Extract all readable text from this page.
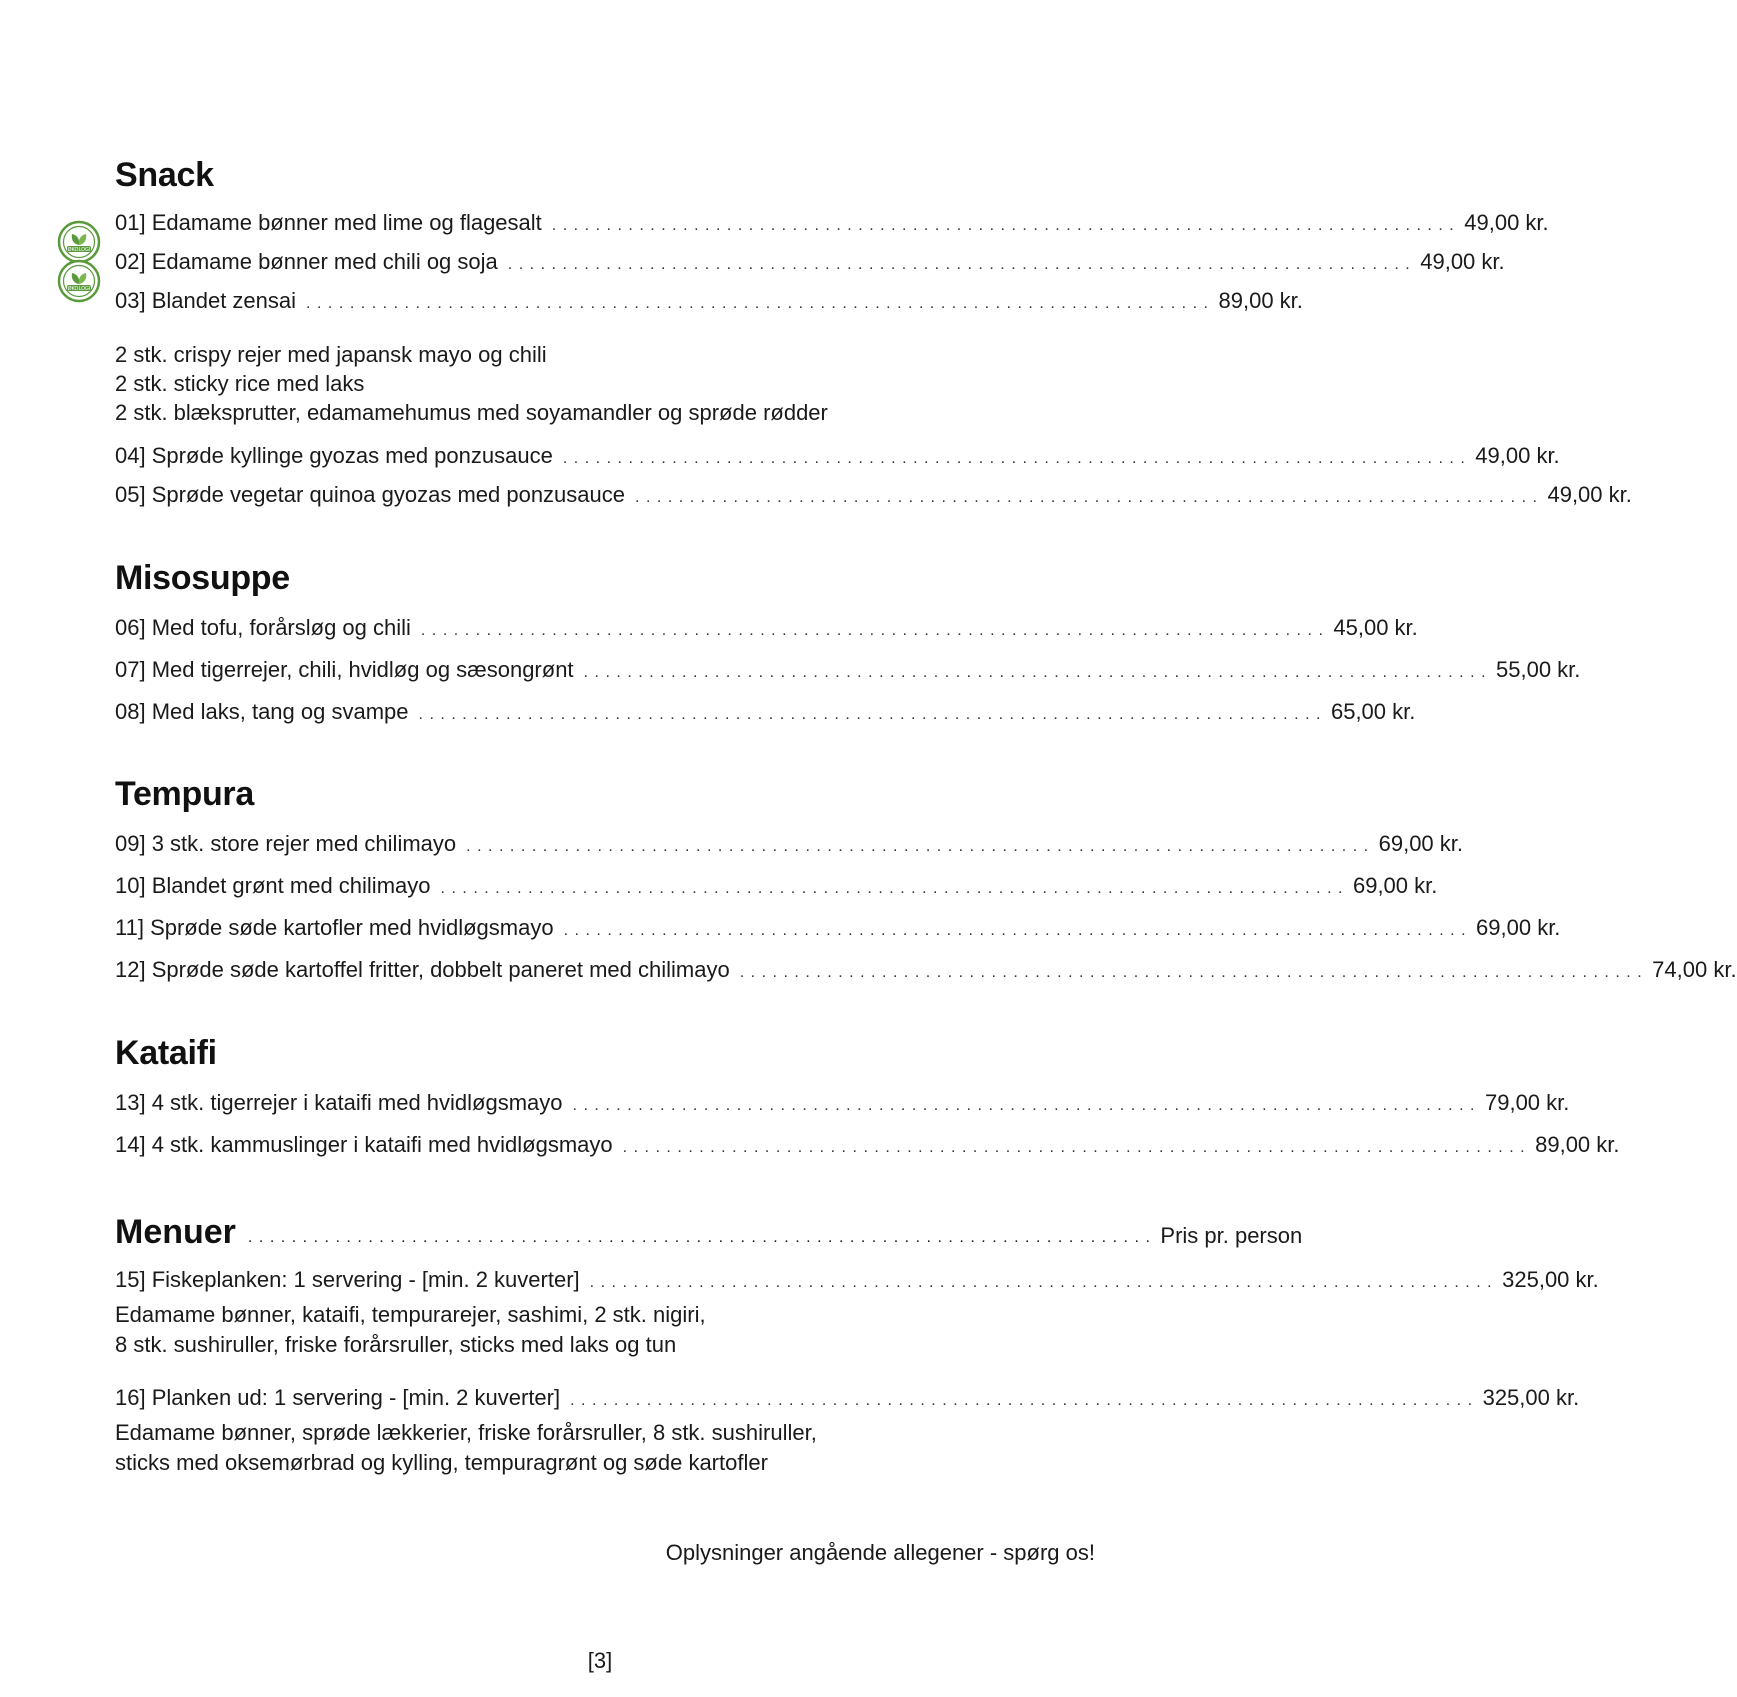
Snack
01] Edamame bønner med lime og flagesalt ................................................................................... 49,00 kr.
02] Edamame bønner med chili og soja ................................................................................... 49,00 kr.
03] Blandet zensai ................................................................................... 89,00 kr.
2 stk. crispy rejer med japansk mayo og chili
2 stk. sticky rice med laks
2 stk. blæksprutter, edamamehumus med soyamandler og sprøde rødder
04] Sprøde kyllinge gyozas med ponzusauce ................................................................................... 49,00 kr.
05] Sprøde vegetar quinoa gyozas med ponzusauce ................................................................................... 49,00 kr.
Misosuppe
06] Med tofu, forårsløg og chili ................................................................................... 45,00 kr.
07] Med tigerrejer, chili, hvidløg og sæsongrønt ................................................................................... 55,00 kr.
08] Med laks, tang og svampe ................................................................................... 65,00 kr.
Tempura
09] 3 stk. store rejer med chilimayo ................................................................................... 69,00 kr.
10] Blandet grønt med chilimayo ................................................................................... 69,00 kr.
11] Sprøde søde kartofler med hvidløgsmayo ................................................................................... 69,00 kr.
12] Sprøde søde kartoffel fritter, dobbelt paneret med chilimayo ................................................................................... 74,00 kr.
Kataifi
13] 4 stk. tigerrejer i kataifi med hvidløgsmayo ................................................................................... 79,00 kr.
14] 4 stk. kammuslinger i kataifi med hvidløgsmayo ................................................................................... 89,00 kr.
Menuer ................................................................................... Pris pr. person
15] Fiskeplanken: 1 servering - [min. 2 kuverter] ................................................................................... 325,00 kr.
Edamame bønner, kataifi, tempurarejer, sashimi, 2 stk. nigiri,
8 stk. sushiruller, friske forårsruller, sticks med laks og tun
16] Planken ud: 1 servering - [min. 2 kuverter] ................................................................................... 325,00 kr.
Edamame bønner, sprøde lækkerier, friske forårsruller, 8 stk. sushiruller,
sticks med oksemørbrad og kylling, tempuragrønt og søde kartofler
ØKOLOGI
ØKOLOGI
Oplysninger angående allegener - spørg os!
[3]
